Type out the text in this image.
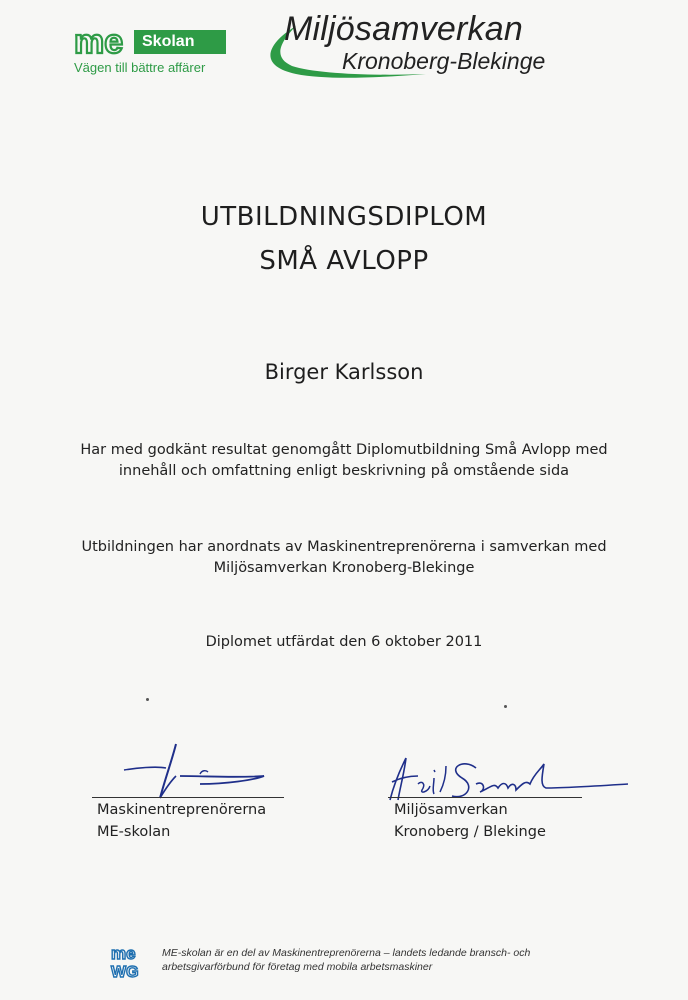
me	Skolan
Vägen till bättre affärer
Miljösamverkan
Kronoberg-Blekinge
UTBILDNINGSDIPLOM
SMÅ AVLOPP
Birger Karlsson
Har med godkänt resultat genomgått Diplomutbildning Små Avlopp med
innehåll och omfattning enligt beskrivning på omstående sida
Utbildningen har anordnats av Maskinentreprenörerna i samverkan med
Miljösamverkan Kronoberg-Blekinge
Diplomet utfärdat den 6 oktober 2011
Maskinentreprenörerna
ME-skolan
Miljösamverkan
Kronoberg / Blekinge
me
WG
ME-skolan är en del av Maskinentreprenörerna – landets ledande bransch- och
arbetsgivarförbund för företag med mobila arbetsmaskiner
